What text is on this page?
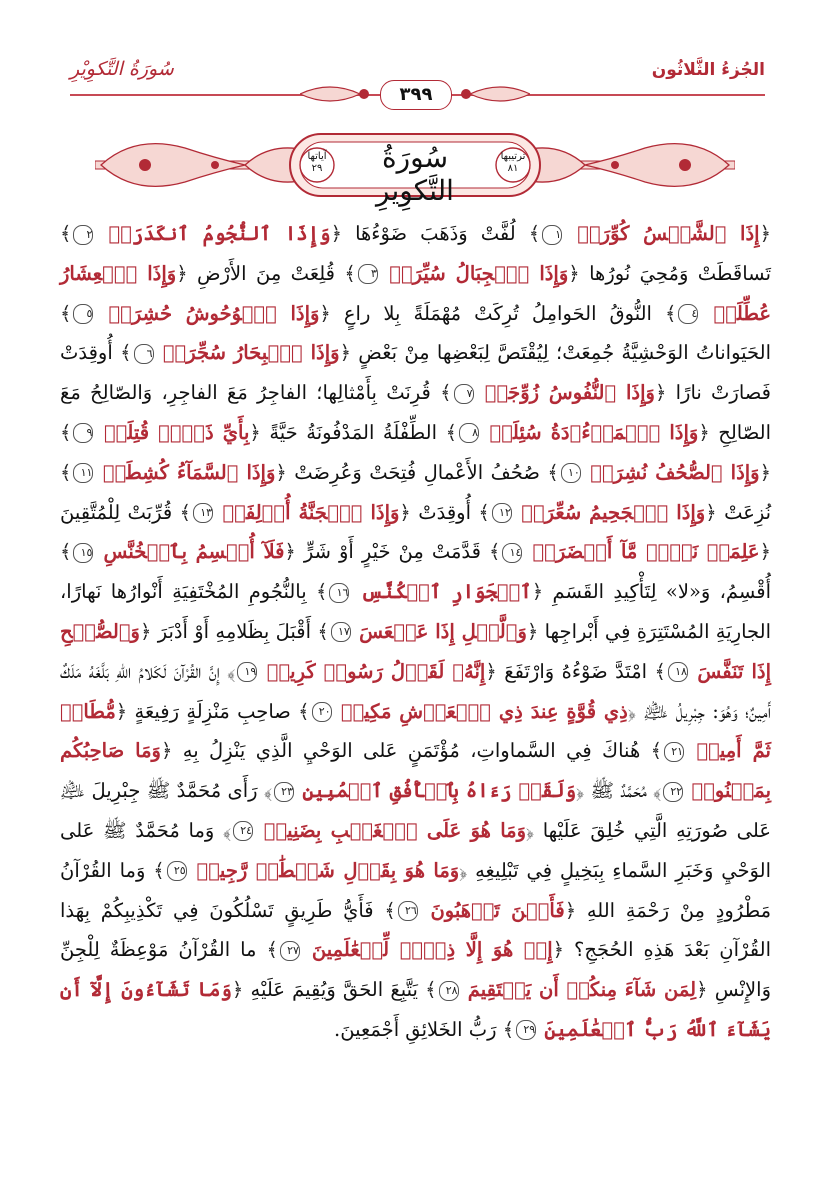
الجُزءُ الثَّلاثُون
سُورَةُ التَّكوِيْرِ
٣٩٩
سُورَةُ التَّكوِيرِ
آياتها
٢٩
ترتيبها
٨١
﴿إِذَا ٱلشَّمۡسُ كُوِّرَتۡ ١﴾ لُفَّتْ وَذَهَبَ ضَوْءُهَا ﴿وَإِذَا ٱلنُّجُومُ ٱنكَدَرَتۡ ٢﴾ تَساقَطَتْ وَمُحِيَ نُورُها ﴿وَإِذَا ٱلۡجِبَالُ سُيِّرَتۡ ٣﴾ قُلِعَتْ مِنَ الأَرْضِ ﴿وَإِذَا ٱلۡعِشَارُ عُطِّلَتۡ ٤﴾ النُّوقُ الحَوامِلُ تُرِكَتْ مُهْمَلَةً بِلا راعٍ ﴿وَإِذَا ٱلۡوُحُوشُ حُشِرَتۡ ٥﴾ الحَيَواناتُ الوَحْشِيَّةُ جُمِعَتْ؛ لِيُقْتَصَّ لِبَعْضِها مِنْ بَعْضٍ ﴿وَإِذَا ٱلۡبِحَارُ سُجِّرَتۡ ٦﴾ أُوقِدَتْ فَصارَتْ نارًا ﴿وَإِذَا ٱلنُّفُوسُ زُوِّجَتۡ ٧﴾ قُرِنَتْ بِأَمْثالِها؛ الفاجِرُ مَعَ الفاجِرِ، وَالصّالِحُ مَعَ الصّالِحِ ﴿وَإِذَا ٱلۡمَوۡءُۥدَةُ سُئِلَتۡ ٨﴾ الطِّفْلَةُ المَدْفُونَةُ حَيَّةً ﴿بِأَيِّ ذَنۢبٖ قُتِلَتۡ ٩﴾ ﴿وَإِذَا ٱلصُّحُفُ نُشِرَتۡ ١٠﴾ صُحُفُ الأَعْمالِ فُتِحَتْ وَعُرِضَتْ ﴿وَإِذَا ٱلسَّمَآءُ كُشِطَتۡ ١١﴾ نُزِعَتْ ﴿وَإِذَا ٱلۡجَحِيمُ سُعِّرَتۡ ١٢﴾ أُوقِدَتْ ﴿وَإِذَا ٱلۡجَنَّةُ أُزۡلِفَتۡ ١٣﴾ قُرِّبَتْ لِلْمُتَّقِينَ ﴿عَلِمَتۡ نَفۡسٞ مَّآ أَحۡضَرَتۡ ١٤﴾ قَدَّمَتْ مِنْ خَيْرٍ أَوْ شَرٍّ ﴿فَلَآ أُقۡسِمُ بِٱلۡخُنَّسِ ١٥﴾ أُقْسِمُ، وَ«لا» لِتَأْكِيدِ القَسَمِ ﴿ٱلۡجَوَارِ ٱلۡكُنَّسِ ١٦﴾ بِالنُّجُومِ المُخْتَفِيَةِ أَنْوارُها نَهارًا، الجارِيَةِ المُسْتَتِرَةِ فِي أَبْراجِها ﴿وَٱلَّيۡلِ إِذَا عَسۡعَسَ ١٧﴾ أَقْبَلَ بِظَلامِهِ أَوْ أَدْبَرَ ﴿وَٱلصُّبۡحِ إِذَا تَنَفَّسَ ١٨﴾ امْتَدَّ ضَوْءُهُ وَارْتَفَعَ ﴿إِنَّهُۥ لَقَوۡلُ رَسُولٖ كَرِيمٖ ١٩﴾ إِنَّ القُرْآنَ لَكَلامُ اللهِ بَلَّغَهُ مَلَكٌ أَمِينٌ؛ وَهُوَ: جِبْرِيلُ ﵇ ﴿ذِي قُوَّةٍ عِندَ ذِي ٱلۡعَرۡشِ مَكِينٖ ٢٠﴾ صاحِبِ مَنْزِلَةٍ رَفِيعَةٍ ﴿مُّطَاعٖ ثَمَّ أَمِينٖ ٢١﴾ هُناكَ فِي السَّماواتِ، مُؤْتَمَنٍ عَلى الوَحْيِ الَّذِي يَنْزِلُ بِهِ ﴿وَمَا صَاحِبُكُم بِمَجۡنُونٖ ٢٢﴾ مُحَمَّدٌ ﷺ ﴿وَلَقَدۡ رَءَاهُ بِٱلۡأُفُقِ ٱلۡمُبِينِ ٢٣﴾ رَأَى مُحَمَّدٌ ﷺ جِبْرِيلَ ﵇ عَلى صُورَتِهِ الَّتِي خُلِقَ عَلَيْها ﴿وَمَا هُوَ عَلَى ٱلۡغَيۡبِ بِضَنِينٖ ٢٤﴾ وَما مُحَمَّدٌ ﷺ عَلى الوَحْيِ وَخَبَرِ السَّماءِ بِبَخِيلٍ فِي تَبْلِيغِهِ ﴿وَمَا هُوَ بِقَوۡلِ شَيۡطَٰنٖ رَّجِيمٖ ٢٥﴾ وَما القُرْآنُ مَطْرُودٍ مِنْ رَحْمَةِ اللهِ ﴿فَأَيۡنَ تَذۡهَبُونَ ٢٦﴾ فَأَيُّ طَرِيقٍ تَسْلُكُونَ فِي تَكْذِيبِكُمْ بِهَذا القُرْآنِ بَعْدَ هَذِهِ الحُجَجِ؟ ﴿إِنۡ هُوَ إِلَّا ذِكۡرٞ لِّلۡعَٰلَمِينَ ٢٧﴾ ما القُرْآنُ مَوْعِظَةٌ لِلْجِنِّ وَالإِنْسِ ﴿لِمَن شَآءَ مِنكُمۡ أَن يَسۡتَقِيمَ ٢٨﴾ يَتَّبِعَ الحَقَّ وَيُقِيمَ عَلَيْهِ ﴿وَمَا تَشَآءُونَ إِلَّآ أَن يَشَآءَ ٱللَّهُ رَبُّ ٱلۡعَٰلَمِينَ ٢٩﴾ رَبُّ الخَلائِقِ أَجْمَعِينَ.
